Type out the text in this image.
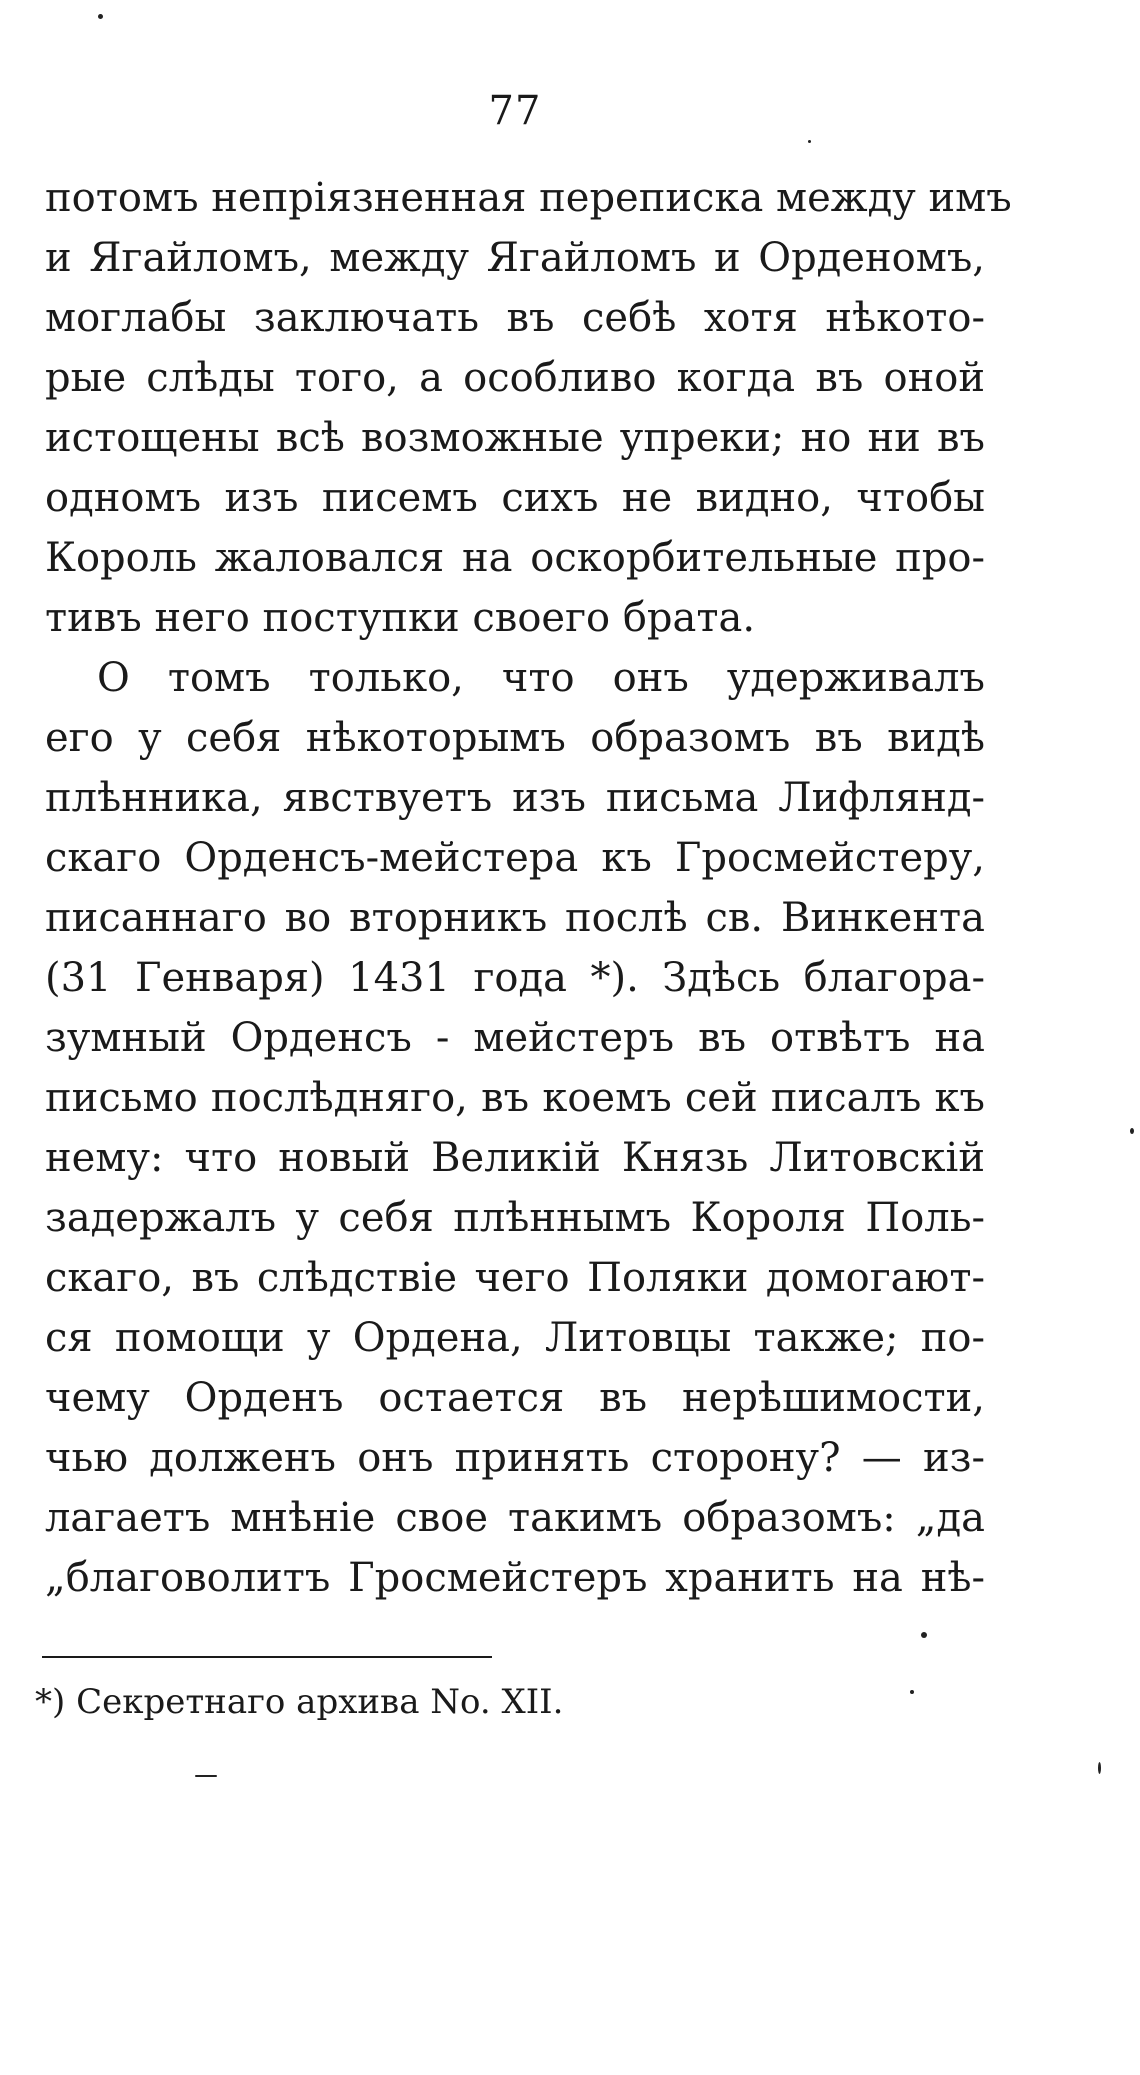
77
потомъ непріязненная переписка между имъ
и Ягайломъ, между Ягайломъ и Орденомъ,
моглабы заключать въ себѣ хотя нѣкото-
рые слѣды того, а особливо когда въ оной
истощены всѣ возможные упреки; но ни въ
одномъ изъ писемъ сихъ не видно, чтобы
Король жаловался на оскорбительные про-
тивъ него поступки своего брата.
О томъ только, что онъ удерживалъ
его у себя нѣкоторымъ образомъ въ видѣ
плѣнника, явствуетъ изъ письма Лифлянд-
скаго Орденсъ-мейстера къ Гросмейстеру,
писаннаго во вторникъ послѣ св. Винкента
(31 Генваря) 1431 года *). Здѣсь благора-
зумный Орденсъ - мейстеръ въ отвѣтъ на
письмо послѣдняго, въ коемъ сей писалъ къ
нему: что новый Великій Князь Литовскій
задержалъ у себя плѣннымъ Короля Поль-
скаго, въ слѣдствіе чего Поляки домогают-
ся помощи у Ордена, Литовцы также; по-
чему Орденъ остается въ нерѣшимости,
чью долженъ онъ принять сторону? — из-
лагаетъ мнѣніе свое такимъ образомъ: „да
„благоволитъ Гросмейстеръ хранить на нѣ-
*) Секретнаго архива No. XII.
